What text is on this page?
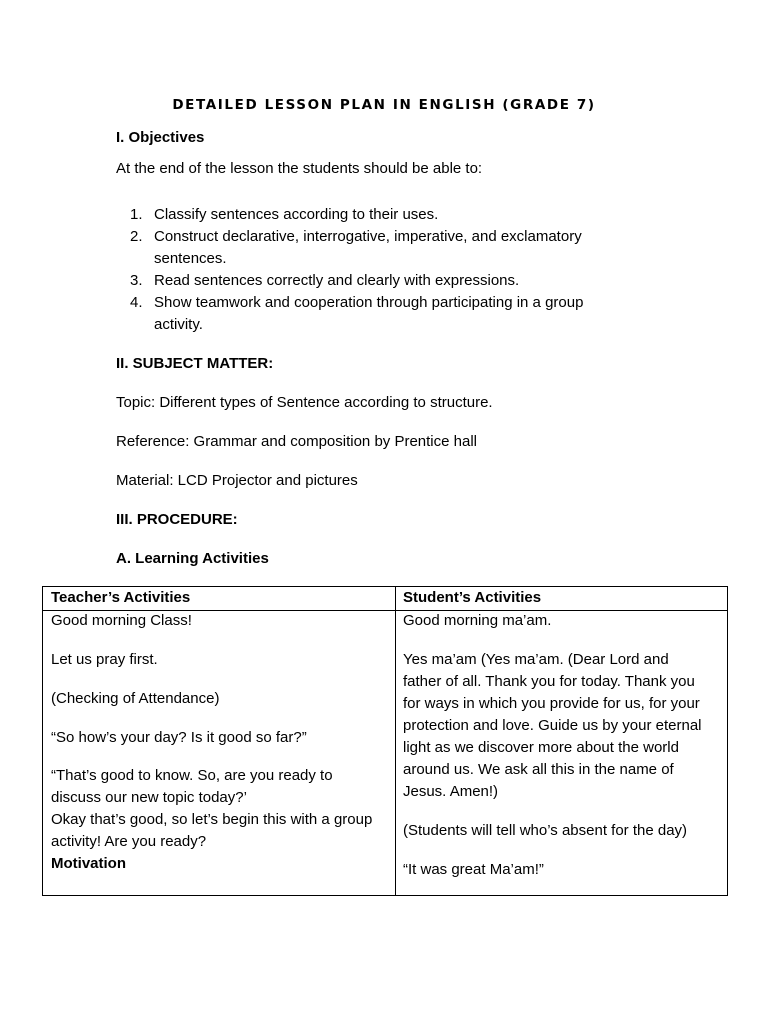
DETAILED LESSON PLAN IN ENGLISH (GRADE 7)
I. Objectives
At the end of the lesson the students should be able to:
1. Classify sentences according to their uses.
2. Construct declarative, interrogative, imperative, and exclamatory
sentences.
3. Read sentences correctly and clearly with expressions.
4. Show teamwork and cooperation through participating in a group
activity.
II. SUBJECT MATTER:
Topic: Different types of Sentence according to structure.
Reference: Grammar and composition by Prentice hall
Material: LCD Projector and pictures
III. PROCEDURE:
A. Learning Activities
Teacher’s Activities	Student’s Activities
Good morning Class!
Let us pray first.
(Checking of Attendance)
“So how’s your day? Is it good so far?”
“That’s good to know. So, are you ready to
discuss our new topic today?’
Okay that’s good, so let’s begin this with a group
activity! Are you ready?
Motivation
Good morning ma’am.
Yes ma’am (Yes ma’am. (Dear Lord and
father of all. Thank you for today. Thank you
for ways in which you provide for us, for your
protection and love. Guide us by your eternal
light as we discover more about the world
around us. We ask all this in the name of
Jesus. Amen!)
(Students will tell who’s absent for the day)
“It was great Ma’am!”
